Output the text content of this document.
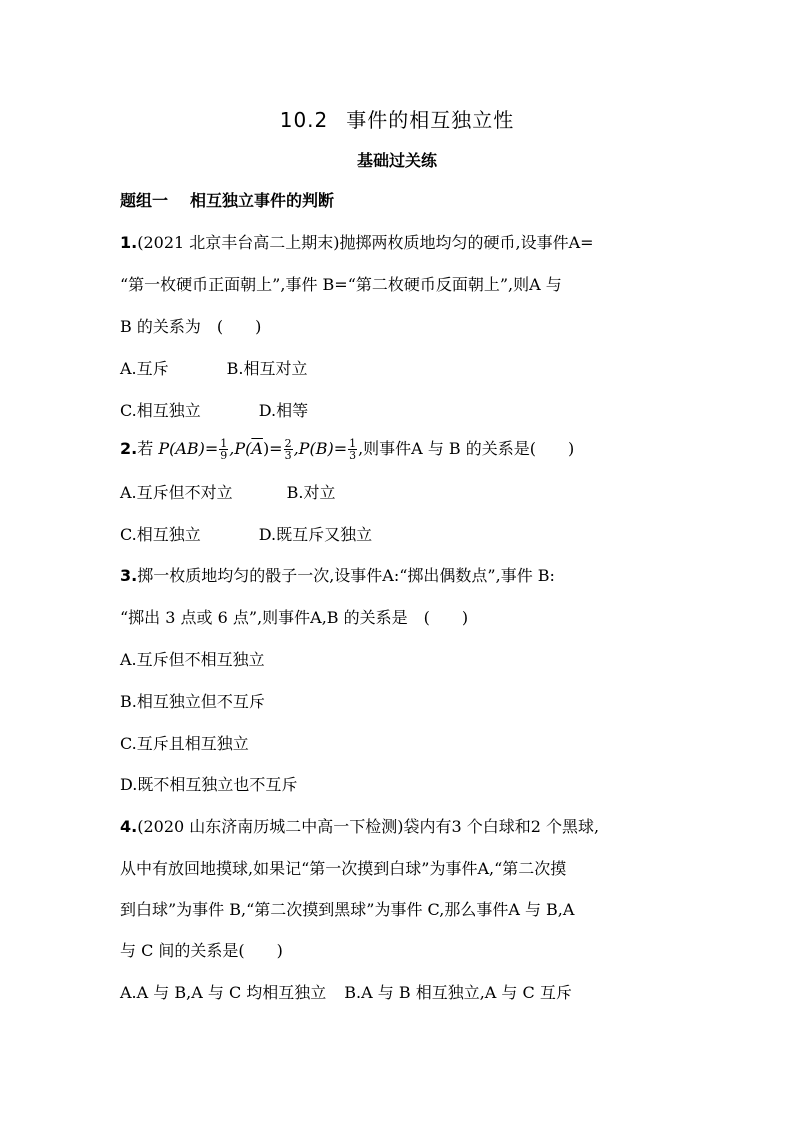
10.2 事件的相互独立性
基础过关练
题组一 相互独立事件的判断
1.(2021 北京丰台高二上期末)抛掷两枚质地均匀的硬币,设事件A=
“第一枚硬币正面朝上”,事件 B=“第二枚硬币反面朝上”,则A 与
B 的关系为　(　　)
A.互斥	B.相互对立
C.相互独立	D.相等
2.若 $P(AB)= \frac{1}{9} ,P(\overline{A})= \frac{2}{3} ,P(B)= \frac{1}{3}$ ,则事件A 与 B 的关系是(　　)
A.互斥但不对立	B.对立
C.相互独立	D.既互斥又独立
3.掷一枚质地均匀的骰子一次,设事件A:“掷出偶数点”,事件 B:
“掷出 3 点或 6 点”,则事件A,B 的关系是　(　　)
A.互斥但不相互独立
B.相互独立但不互斥
C.互斥且相互独立
D.既不相互独立也不互斥
4.(2020 山东济南历城二中高一下检测)袋内有3 个白球和2 个黑球,
从中有放回地摸球,如果记“第一次摸到白球”为事件A,“第二次摸
到白球”为事件 B,“第二次摸到黑球”为事件 C,那么事件A 与 B,A
与 C 间的关系是(　　)
A.A 与 B,A 与 C 均相互独立 B.A 与 B 相互独立,A 与 C 互斥
